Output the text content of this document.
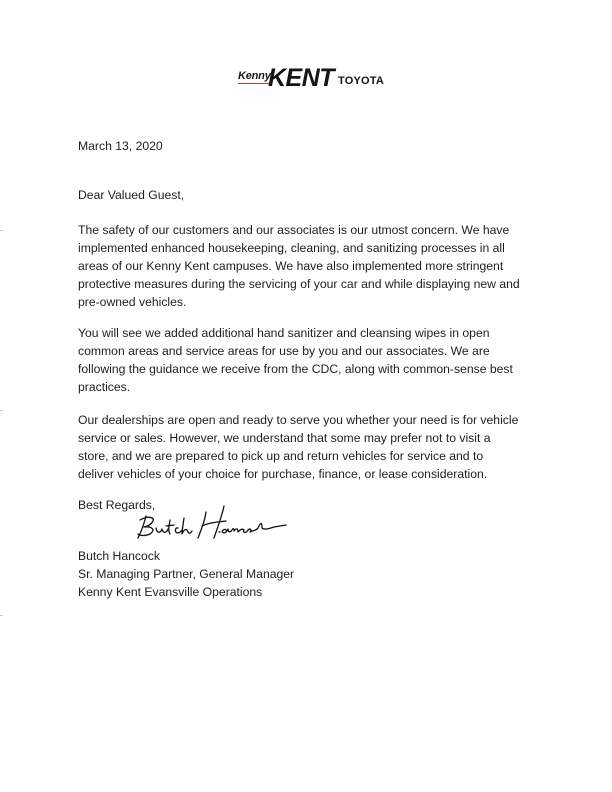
Kenny
KENT TOYOTA
March 13, 2020
Dear Valued Guest,
The safety of our customers and our associates is our utmost concern. We have
implemented enhanced housekeeping, cleaning, and sanitizing processes in all
areas of our Kenny Kent campuses. We have also implemented more stringent
protective measures during the servicing of your car and while displaying new and
pre-owned vehicles.
You will see we added additional hand sanitizer and cleansing wipes in open
common areas and service areas for use by you and our associates. We are
following the guidance we receive from the CDC, along with common-sense best
practices.
Our dealerships are open and ready to serve you whether your need is for vehicle
service or sales. However, we understand that some may prefer not to visit a
store, and we are prepared to pick up and return vehicles for service and to
deliver vehicles of your choice for purchase, finance, or lease consideration.
Best Regards,
Butch Hancock
Sr. Managing Partner, General Manager
Kenny Kent Evansville Operations
